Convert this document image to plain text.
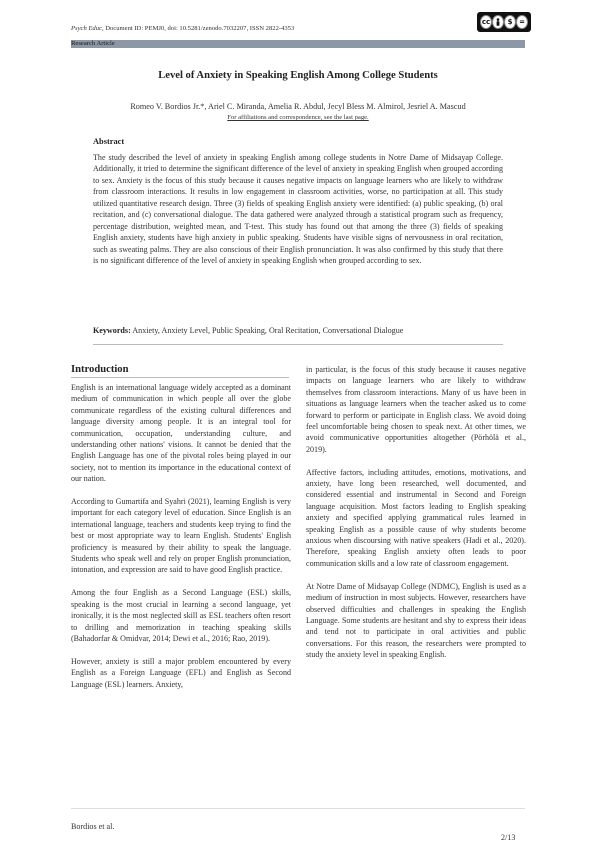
Psych Educ, Document ID: PEMJ0, doi: 10.5281/zenodo.7032207, ISSN 2822-4353
cc	$ =
Research Article
Level of Anxiety in Speaking English Among College Students
Romeo V. Bordios Jr.*, Ariel C. Miranda, Amelia R. Abdul, Jecyl Bless M. Almirol, Jesriel A. Mascud
For affiliations and correspondence, see the last page.
Abstract
The study described the level of anxiety in speaking English among college students in Notre Dame of Midsayap College. Additionally, it tried to determine the significant difference of the level of anxiety in speaking English when grouped according to sex. Anxiety is the focus of this study because it causes negative impacts on language learners who are likely to withdraw from classroom interactions. It results in low engagement in classroom activities, worse, no participation at all. This study utilized quantitative research design. Three (3) fields of speaking English anxiety were identified: (a) public speaking, (b) oral recitation, and (c) conversational dialogue. The data gathered were analyzed through a statistical program such as frequency, percentage distribution, weighted mean, and T-test. This study has found out that among the three (3) fields of speaking English anxiety, students have high anxiety in public speaking. Students have visible signs of nervousness in oral recitation, such as sweating palms. They are also conscious of their English pronunciation. It was also confirmed by this study that there is no significant difference of the level of anxiety in speaking English when grouped according to sex.
Keywords: Anxiety, Anxiety Level, Public Speaking, Oral Recitation, Conversational Dialogue
Introduction

English is an international language widely accepted as a dominant medium of communication in which people all over the globe communicate regardless of the existing cultural differences and language diversity among people. It is an integral tool for communication, occupation, understanding culture, and understanding other nations' visions. It cannot be denied that the English Language has one of the pivotal roles being played in our society, not to mention its importance in the educational context of our nation.

According to Gumartifa and Syahri (2021), learning English is very important for each category level of education. Since English is an international language, teachers and students keep trying to find the best or most appropriate way to learn English. Students' English proficiency is measured by their ability to speak the language. Students who speak well and rely on proper English pronunciation, intonation, and expression are said to have good English practice.

Among the four English as a Second Language (ESL) skills, speaking is the most crucial in learning a second language, yet ironically, it is the most neglected skill as ESL teachers often resort to drilling and memorization in teaching speaking skills (Bahadorfar & Omidvar, 2014; Dewi et al., 2016; Rao, 2019).

However, anxiety is still a major problem encountered by every English as a Foreign Language (EFL) and English as Second Language (ESL) learners. Anxiety,

in particular, is the focus of this study because it causes negative impacts on language learners who are likely to withdraw themselves from classroom interactions. Many of us have been in situations as language learners when the teacher asked us to come forward to perform or participate in English class. We avoid doing feel uncomfortable being chosen to speak next. At other times, we avoid communicative opportunities altogether (Pörhölä et al., 2019).

Affective factors, including attitudes, emotions, motivations, and anxiety, have long been researched, well documented, and considered essential and instrumental in Second and Foreign language acquisition. Most factors leading to English speaking anxiety and specified applying grammatical rules learned in speaking English as a possible cause of why students become anxious when discoursing with native speakers (Hadi et al., 2020). Therefore, speaking English anxiety often leads to poor communication skills and a low rate of classroom engagement.

At Notre Dame of Midsayap College (NDMC), English is used as a medium of instruction in most subjects. However, researchers have observed difficulties and challenges in speaking the English Language. Some students are hesitant and shy to express their ideas and tend not to participate in oral activities and public conversations. For this reason, the researchers were prompted to study the anxiety level in speaking English.

Bordios et al.
2/13
